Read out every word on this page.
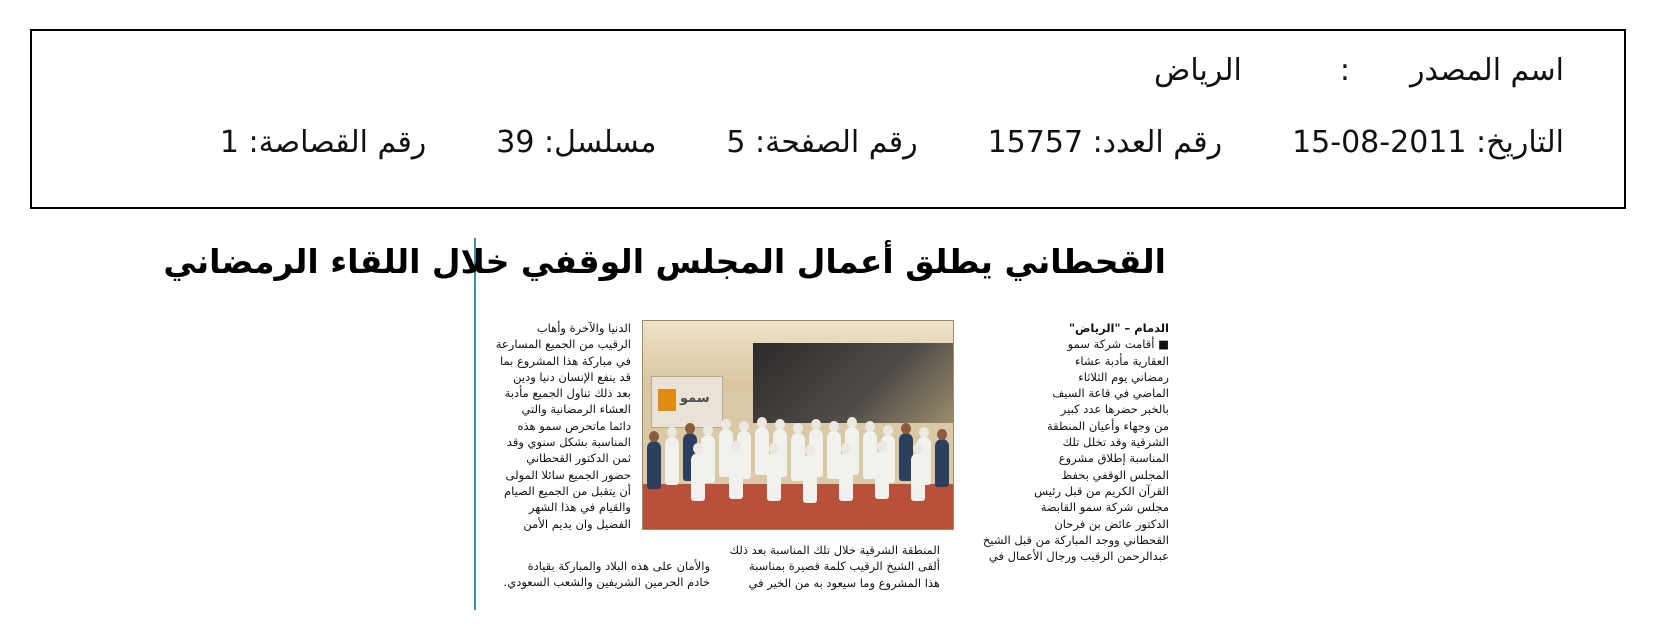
اسم المصدر
:
الرياض
التاريخ: 2011-08-15
رقم العدد: 15757
رقم الصفحة: 5
مسلسل: 39
رقم القصاصة: 1
القحطاني يطلق أعمال المجلس الوقفي خلال اللقاء الرمضاني
الدمام – "الرياض"
■ أقامت شركة سمو
العقارية مأدبة عشاء
رمضاني يوم الثلاثاء
الماضي في قاعة السيف
بالخبر حضرها عدد كبير
من وجهاء وأعيان المنطقة
الشرقية وقد تخلل تلك
المناسبة إطلاق مشروع
المجلس الوقفي بحفظ
القرآن الكريم من قبل رئيس
مجلس شركة سمو القابضة
الدكتور عائض بن فرحان
القحطاني ووجد المباركة من قبل الشيخ
عبدالرحمن الرقيب ورجال الأعمال في
سمو
المنطقة الشرقية خلال تلك المناسبة بعد ذلك
ألقى الشيخ الرقيب كلمة قصيرة بمناسبة
هذا المشروع وما سيعود به من الخير في
الدنيا والآخرة وأهاب
الرقيب من الجميع المسارعة
في مباركة هذا المشروع بما
قد ينفع الإنسان دنيا ودين
بعد ذلك تناول الجميع مأدبة
العشاء الرمضانية والتي
دائما ماتحرص سمو هذه
المناسبة بشكل سنوي وقد
ثمن الدكتور القحطاني
حضور الجميع سائلا المولى
أن يتقبل من الجميع الصيام
والقيام في هذا الشهر
الفضيل وان يديم الأمن
والأمان على هذه البلاد والمباركة بقيادة
خادم الحرمين الشريفين والشعب السعودي.
